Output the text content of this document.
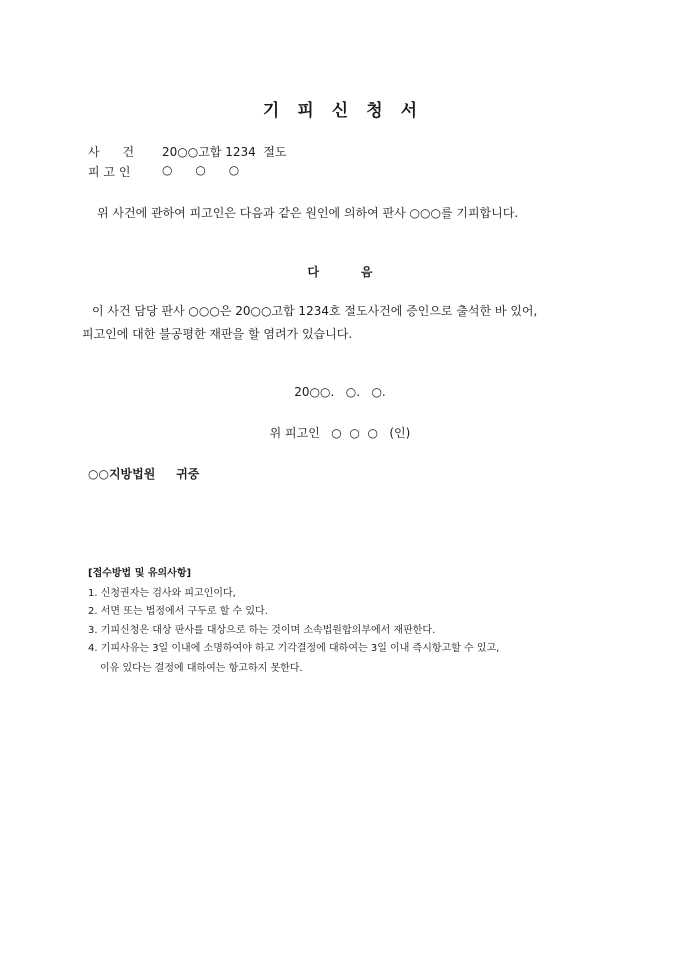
기 피 신 청 서
사      건 20○○고합 1234  절도
피 고 인	○      ○      ○
위 사건에 관하여 피고인은 다음과 같은 원인에 의하여 판사 ○○○를 기피합니다.
다          음
이 사건 담당 판사 ○○○은 20○○고합 1234호 절도사건에 증인으로 출석한 바 있어,
피고인에 대한 불공평한 재판을 할 염려가 있습니다.
20○○.   ○.   ○.
위 피고인   ○  ○  ○   (인)
○○지방법원     귀중
[접수방법 및 유의사항]
1. 신청권자는 검사와 피고인이다,
2. 서면 또는 법정에서 구두로 할 수 있다.
3. 기피신청은 대상 판사를 대상으로 하는 것이며 소속법원합의부에서 재판한다.
4. 기피사유는 3일 이내에 소명하여야 하고 기각결정에 대하여는 3일 이내 즉시항고할 수 있고,
이유 있다는 결정에 대하여는 항고하지 못한다.
